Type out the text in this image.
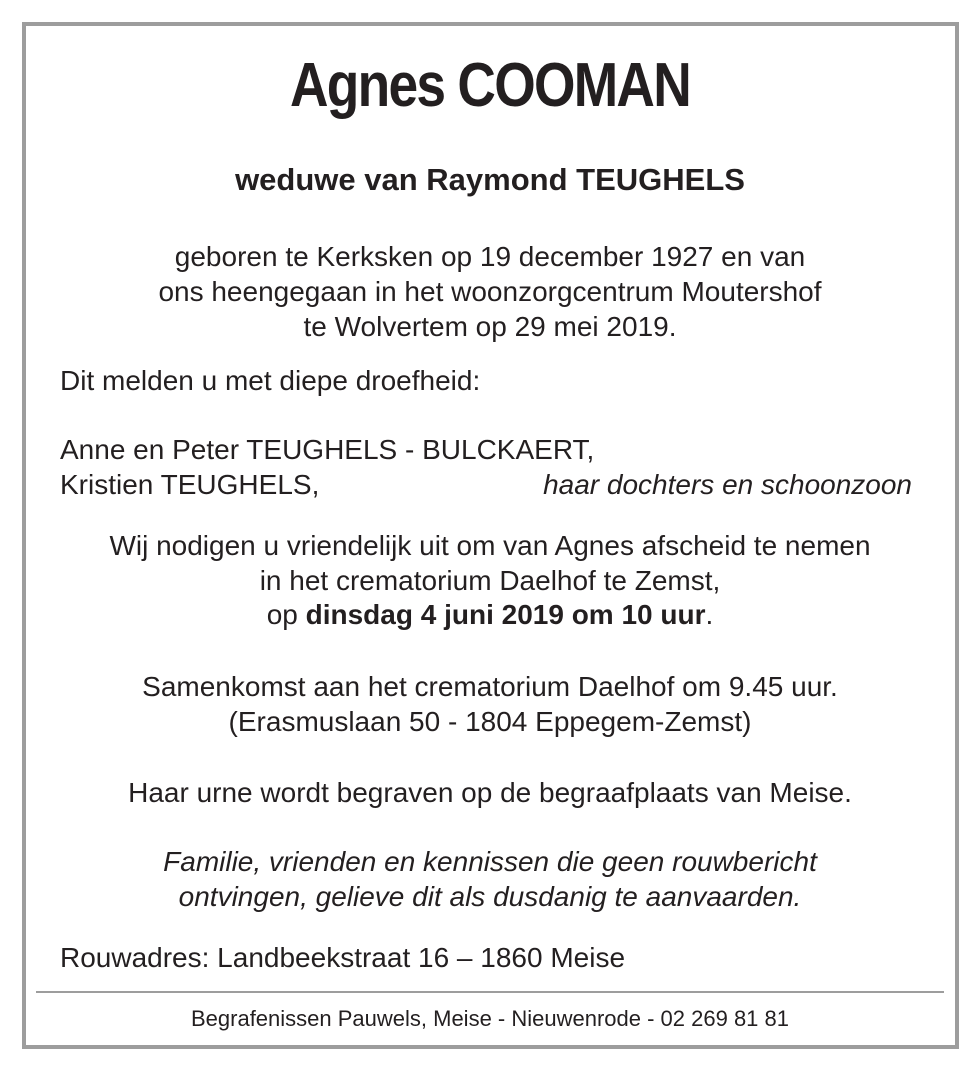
Agnes COOMAN
weduwe van Raymond TEUGHELS
geboren te Kerksken op 19 december 1927 en van
ons heengegaan in het woonzorgcentrum Moutershof
te Wolvertem op 29 mei 2019.
Dit melden u met diepe droefheid:
Anne en Peter TEUGHELS - BULCKAERT,
Kristien TEUGHELS,	haar dochters en schoonzoon
Wij nodigen u vriendelijk uit om van Agnes afscheid te nemen
in het crematorium Daelhof te Zemst,
op dinsdag 4 juni 2019 om 10 uur.
Samenkomst aan het crematorium Daelhof om 9.45 uur.
(Erasmuslaan 50 - 1804 Eppegem-Zemst)
Haar urne wordt begraven op de begraafplaats van Meise.
Familie, vrienden en kennissen die geen rouwbericht
ontvingen, gelieve dit als dusdanig te aanvaarden.
Rouwadres: Landbeekstraat 16 – 1860 Meise
Begrafenissen Pauwels, Meise - Nieuwenrode - 02 269 81 81
